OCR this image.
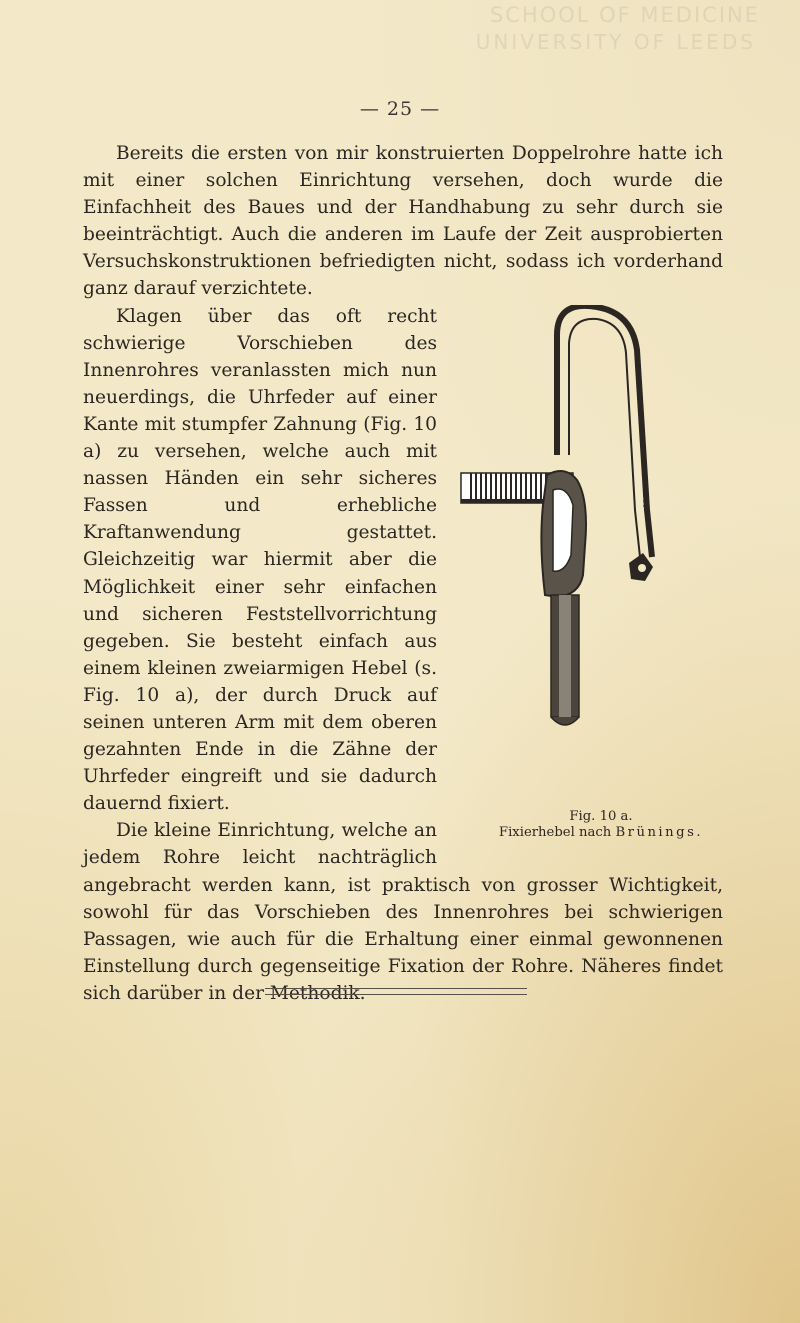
SCHOOL OF MEDICINE
UNIVERSITY OF LEEDS
— 25 —

Bereits die ersten von mir konstruierten Doppelrohre hatte ich mit einer solchen Einrichtung versehen, doch wurde die Einfachheit des Baues und der Handhabung zu sehr durch sie beeinträchtigt. Auch die anderen im Laufe der Zeit ausprobierten Versuchskonstruktionen befriedigten nicht, sodass ich vorderhand ganz darauf verzichtete.

Fig. 10 a.
Fixierhebel nach Brünings.

Klagen über das oft recht schwierige Vorschieben des Innenrohres veranlassten mich nun neuerdings, die Uhrfeder auf einer Kante mit stumpfer Zahnung (Fig. 10 a) zu versehen, welche auch mit nassen Händen ein sehr sicheres Fassen und erhebliche Kraftanwendung gestattet. Gleichzeitig war hiermit aber die Möglichkeit einer sehr einfachen und sicheren Feststellvorrichtung gegeben. Sie besteht einfach aus einem kleinen zweiarmigen Hebel (s. Fig. 10 a), der durch Druck auf seinen unteren Arm mit dem oberen gezahnten Ende in die Zähne der Uhrfeder eingreift und sie dadurch dauernd fixiert.

Die kleine Einrichtung, welche an jedem Rohre leicht nachträglich angebracht werden kann, ist praktisch von grosser Wichtigkeit, sowohl für das Vorschieben des Innenrohres bei schwierigen Passagen, wie auch für die Erhaltung einer einmal gewonnenen Einstellung durch gegenseitige Fixation der Rohre. Näheres findet sich darüber in der Methodik.
